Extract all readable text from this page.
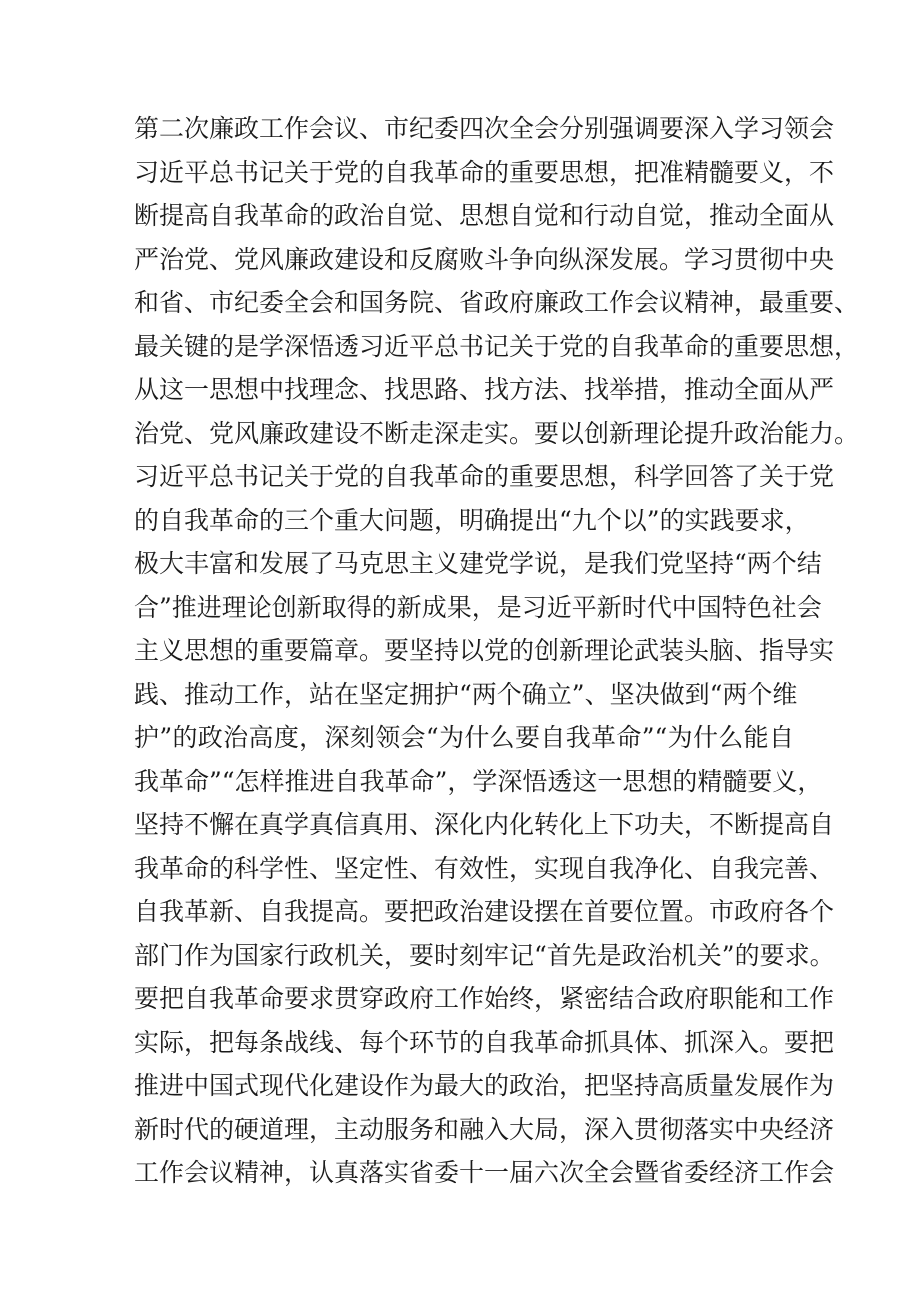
第二次廉政工作会议、市纪委四次全会分别强调要深入学习领会
习近平总书记关于党的自我革命的重要思想，把准精髓要义，不
断提高自我革命的政治自觉、思想自觉和行动自觉，推动全面从
严治党、党风廉政建设和反腐败斗争向纵深发展。学习贯彻中央
和省、市纪委全会和国务院、省政府廉政工作会议精神，最重要、
最关键的是学深悟透习近平总书记关于党的自我革命的重要思想，
从这一思想中找理念、找思路、找方法、找举措，推动全面从严
治党、党风廉政建设不断走深走实。要以创新理论提升政治能力。
习近平总书记关于党的自我革命的重要思想，科学回答了关于党
的自我革命的三个重大问题，明确提出“九个以”的实践要求，
极大丰富和发展了马克思主义建党学说，是我们党坚持“两个结
合”推进理论创新取得的新成果，是习近平新时代中国特色社会
主义思想的重要篇章。要坚持以党的创新理论武装头脑、指导实
践、推动工作，站在坚定拥护“两个确立”、坚决做到“两个维
护”的政治高度，深刻领会“为什么要自我革命”“为什么能自
我革命”“怎样推进自我革命”，学深悟透这一思想的精髓要义，
坚持不懈在真学真信真用、深化内化转化上下功夫，不断提高自
我革命的科学性、坚定性、有效性，实现自我净化、自我完善、
自我革新、自我提高。要把政治建设摆在首要位置。市政府各个
部门作为国家行政机关，要时刻牢记“首先是政治机关”的要求。
要把自我革命要求贯穿政府工作始终，紧密结合政府职能和工作
实际，把每条战线、每个环节的自我革命抓具体、抓深入。要把
推进中国式现代化建设作为最大的政治，把坚持高质量发展作为
新时代的硬道理，主动服务和融入大局，深入贯彻落实中央经济
工作会议精神，认真落实省委十一届六次全会暨省委经济工作会
